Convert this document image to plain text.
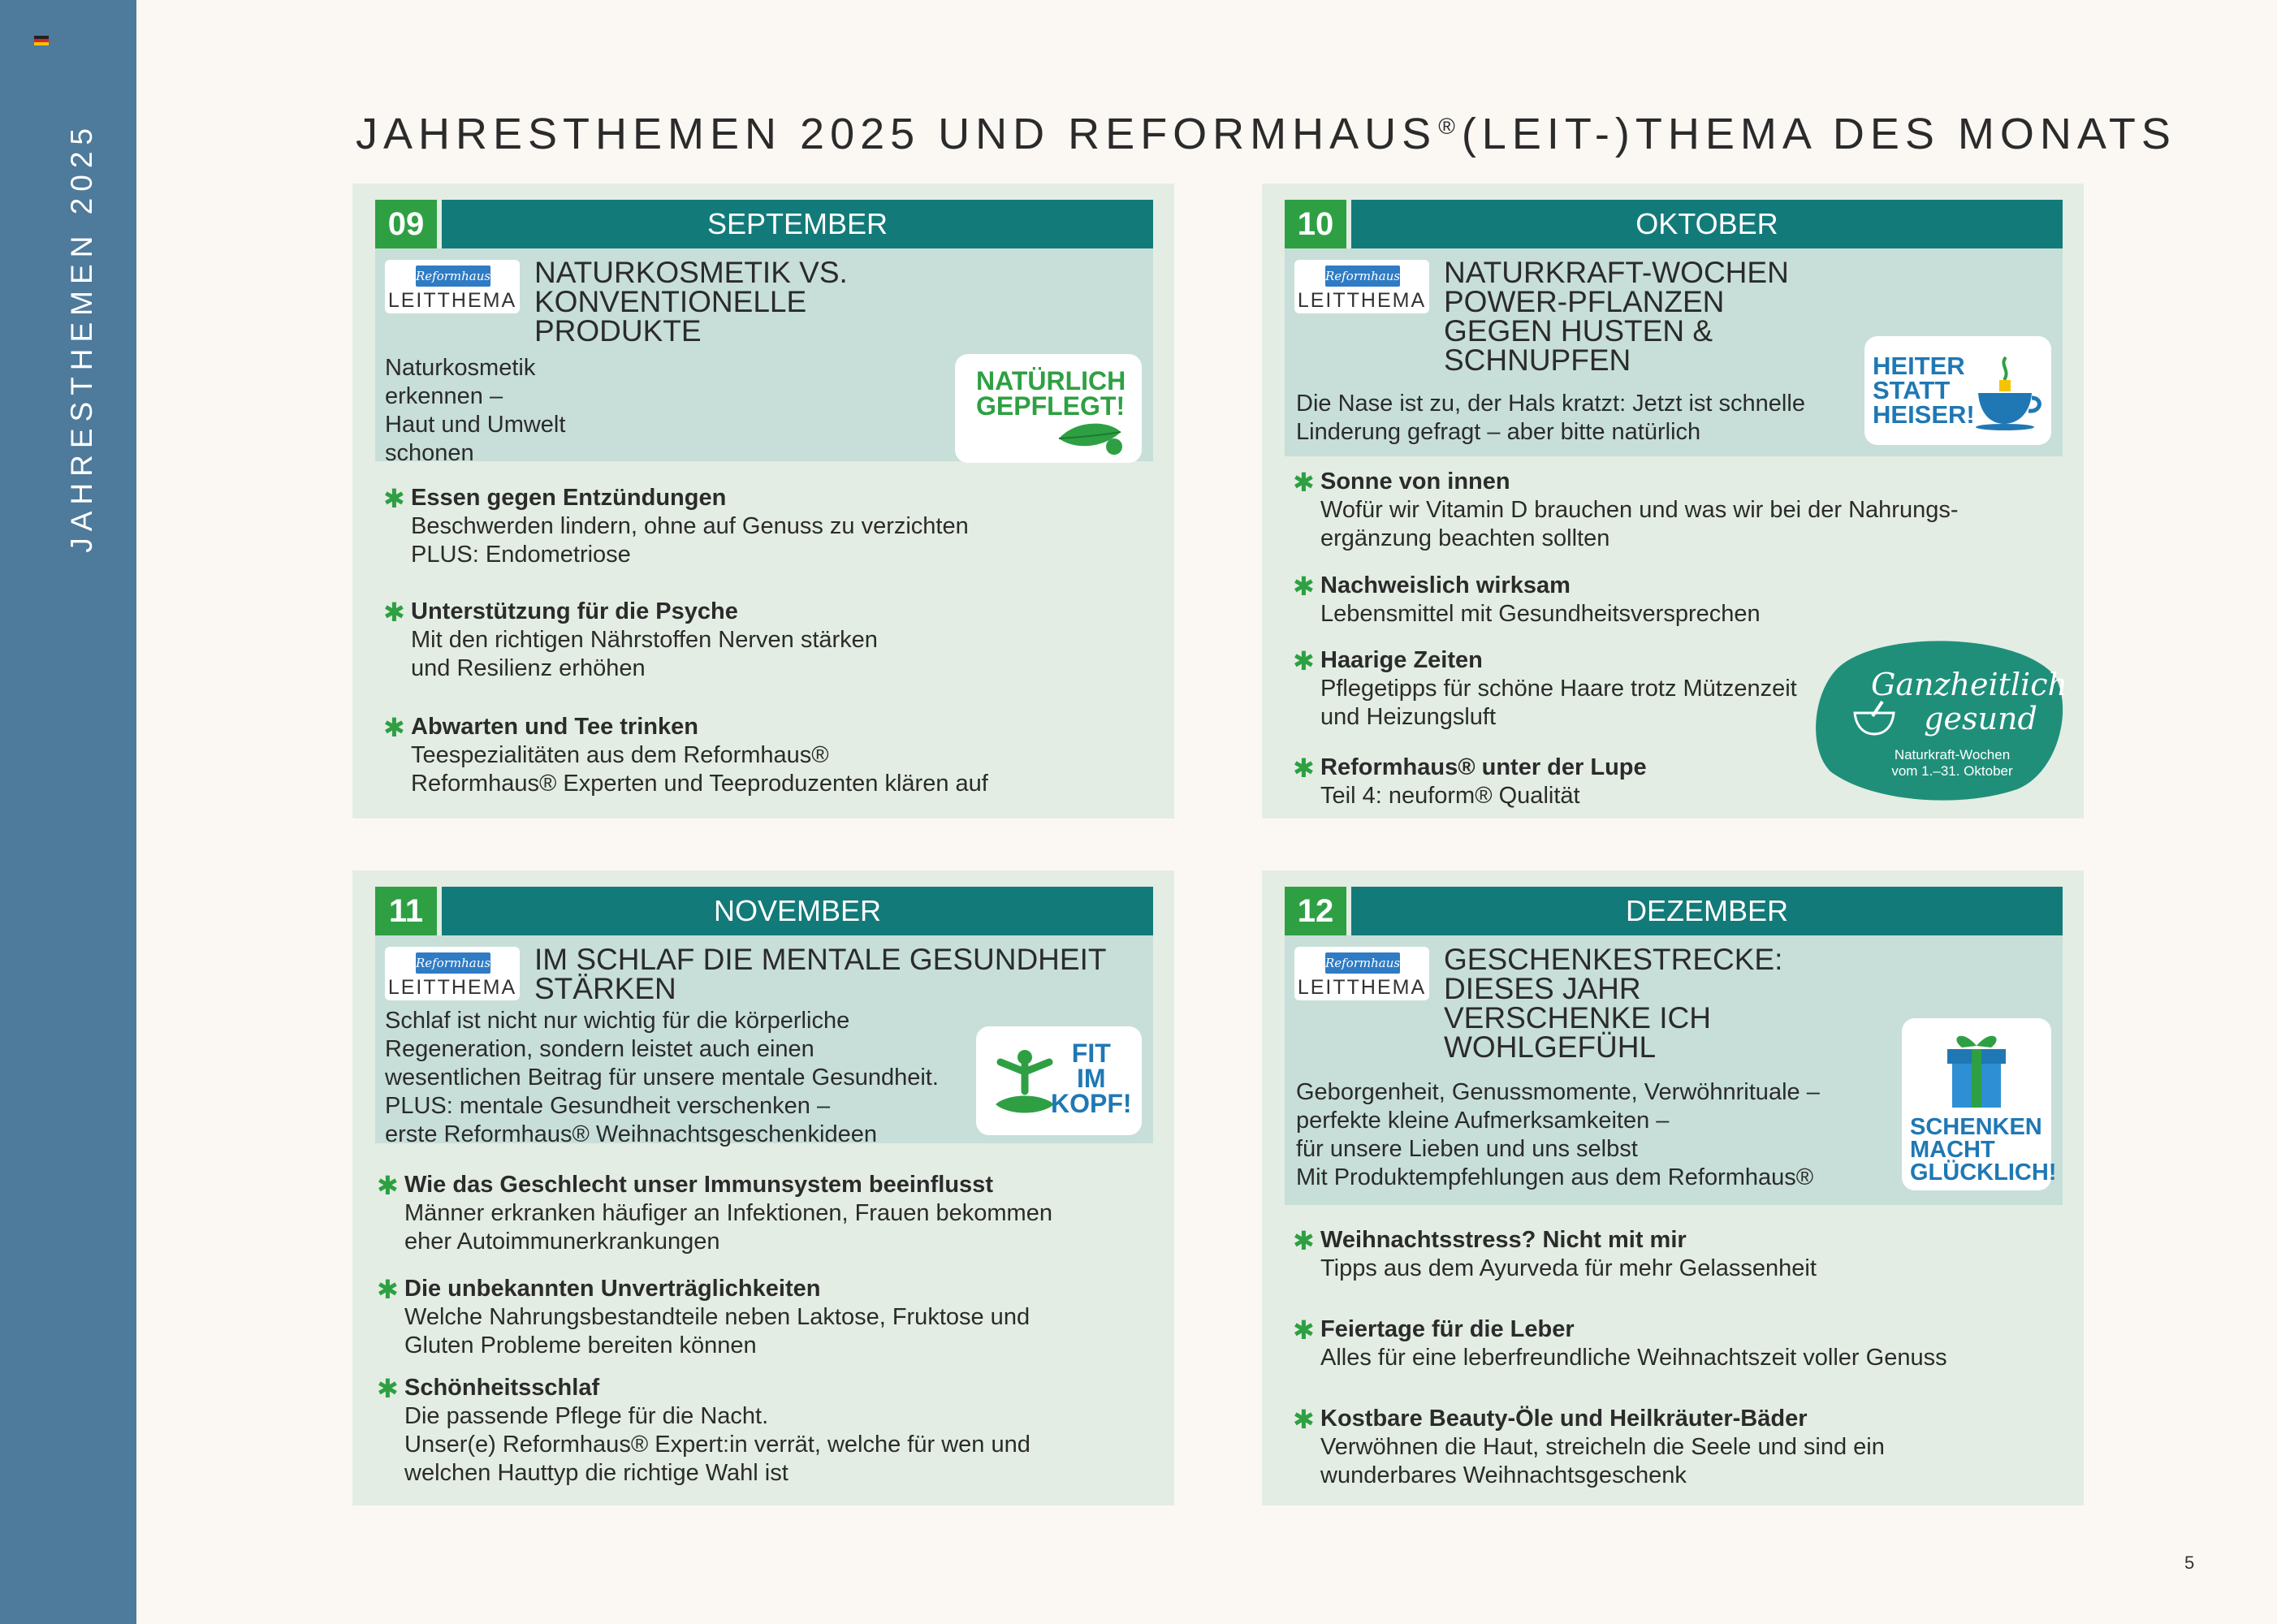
JAHRESTHEMEN 2025	JAHRESTHEMEN 2025 UND REFORMHAUS® (LEIT-)THEMA DES MONATS
09	SEPTEMBER
Reformhaus
LEITTHEMA
NATURKOSMETIK VS. KONVENTIONELLE PRODUKTE
Naturkosmetik
erkennen –
Haut und Umwelt
schonen
NATÜRLICH
GEPFLEGT!
✱ Essen gegen Entzündungen
Beschwerden lindern, ohne auf Genuss zu verzichten
PLUS: Endometriose
✱ Unterstützung für die Psyche
Mit den richtigen Nährstoffen Nerven stärken
und Resilienz erhöhen
✱ Abwarten und Tee trinken
Teespezialitäten aus dem Reformhaus®
Reformhaus® Experten und Teeproduzenten klären auf
10	OKTOBER
Reformhaus
LEITTHEMA
NATURKRAFT-WOCHEN POWER-PFLANZEN GEGEN HUSTEN & SCHNUPFEN
Die Nase ist zu, der Hals kratzt: Jetzt ist schnelle
Linderung gefragt – aber bitte natürlich
HEITER
STATT
HEISER!
✱ Sonne von innen
Wofür wir Vitamin D brauchen und was wir bei der Nahrungs-
ergänzung beachten sollten
✱ Nachweislich wirksam
Lebensmittel mit Gesundheitsversprechen
✱ Haarige Zeiten
Pflegetipps für schöne Haare trotz Mützenzeit
und Heizungsluft
✱ Reformhaus® unter der Lupe
Teil 4: neuform® Qualität
Ganzheitlich
gesund
Naturkraft-Wochen
vom 1.–31. Oktober
11	NOVEMBER
Reformhaus
LEITTHEMA
IM SCHLAF DIE MENTALE GESUNDHEIT STÄRKEN
Schlaf ist nicht nur wichtig für die körperliche
Regeneration, sondern leistet auch einen
wesentlichen Beitrag für unsere mentale Gesundheit.
PLUS: mentale Gesundheit verschenken –
erste Reformhaus® Weihnachtsgeschenkideen
FIT
IM
KOPF!
✱ Wie das Geschlecht unser Immunsystem beeinflusst
Männer erkranken häufiger an Infektionen, Frauen bekommen
eher Autoimmunerkrankungen
✱ Die unbekannten Unverträglichkeiten
Welche Nahrungsbestandteile neben Laktose, Fruktose und
Gluten Probleme bereiten können
✱ Schönheitsschlaf
Die passende Pflege für die Nacht.
Unser(e) Reformhaus® Expert:in verrät, welche für wen und
welchen Hauttyp die richtige Wahl ist
12	DEZEMBER
Reformhaus
LEITTHEMA
GESCHENKESTRECKE: DIESES JAHR VERSCHENKE ICH WOHLGEFÜHL
Geborgenheit, Genussmomente, Verwöhnrituale –
perfekte kleine Aufmerksamkeiten –
für unsere Lieben und uns selbst
Mit Produktempfehlungen aus dem Reformhaus®
SCHENKEN
MACHT
GLÜCKLICH!
✱ Weihnachtsstress? Nicht mit mir
Tipps aus dem Ayurveda für mehr Gelassenheit
✱ Feiertage für die Leber
Alles für eine leberfreundliche Weihnachtszeit voller Genuss
✱ Kostbare Beauty-Öle und Heilkräuter-Bäder
Verwöhnen die Haut, streicheln die Seele und sind ein
wunderbares Weihnachtsgeschenk
5
